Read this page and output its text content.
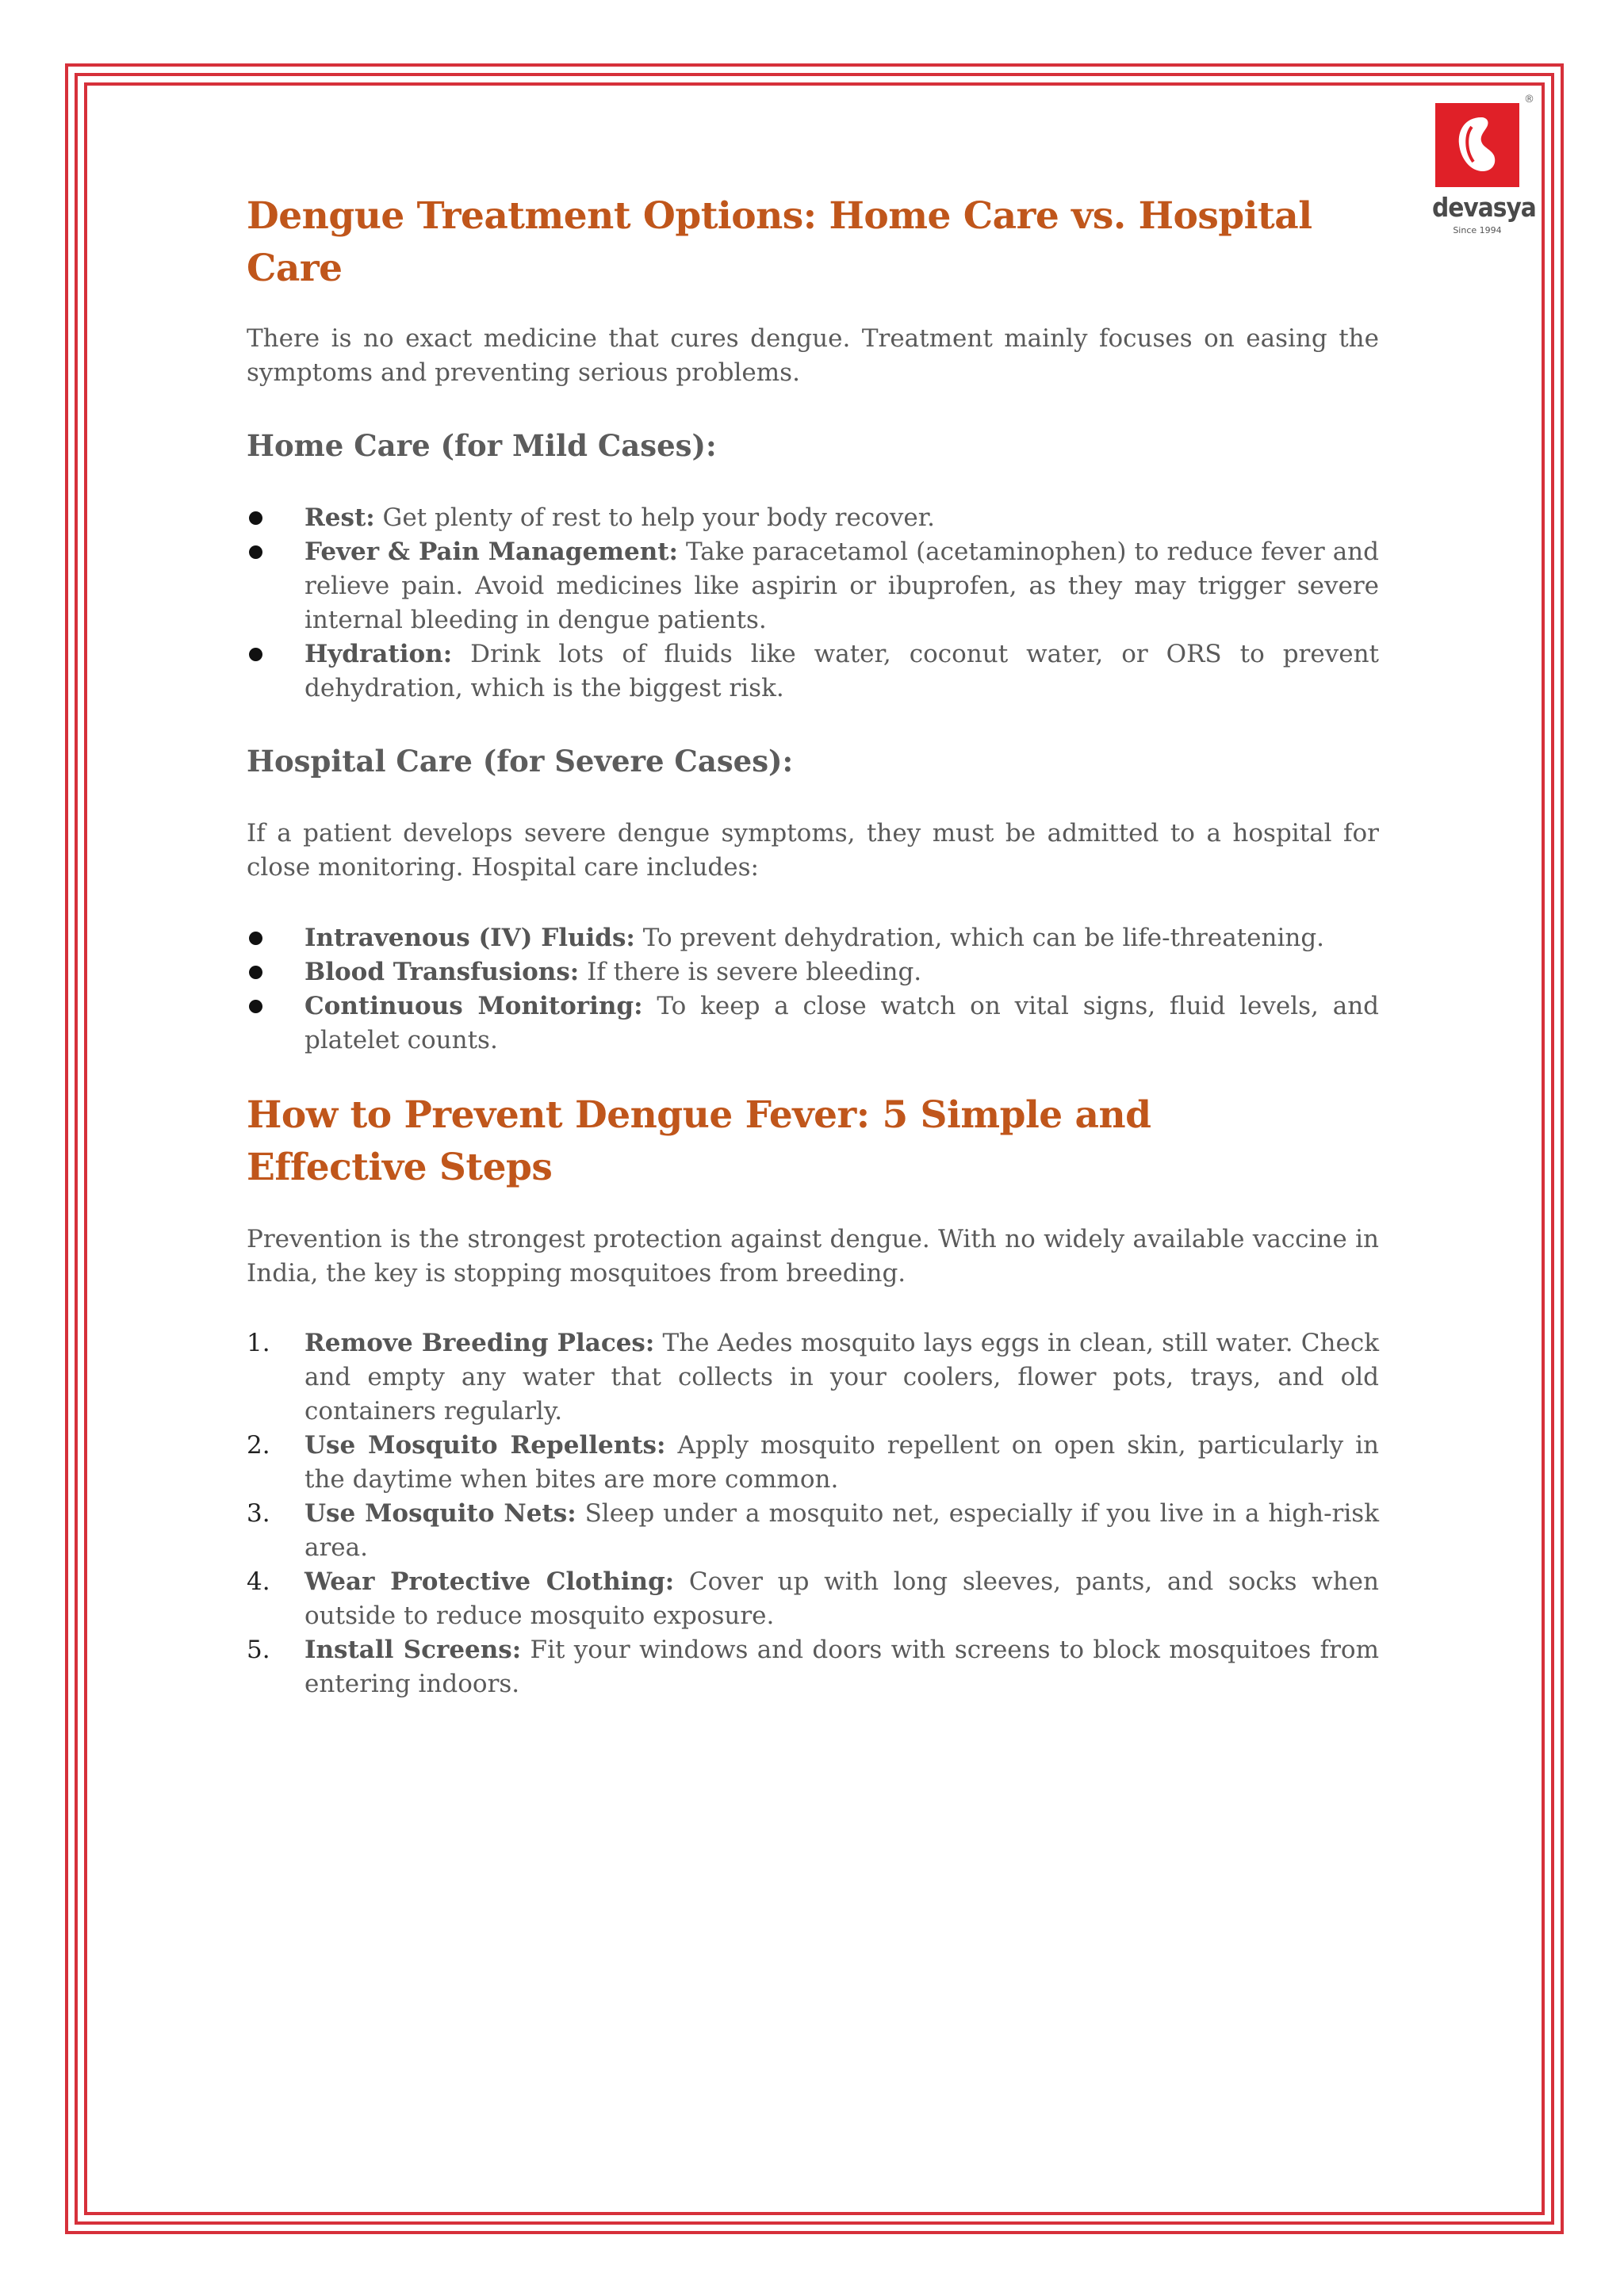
®
devasya
Since 1994
Dengue Treatment Options: Home Care vs. Hospital Care

There is no exact medicine that cures dengue. Treatment mainly focuses on easing the symptoms and preventing serious problems.

Home Care (for Mild Cases):
Rest: Get plenty of rest to help your body recover.
Fever & Pain Management: Take paracetamol (acetaminophen) to reduce fever and relieve pain. Avoid medicines like aspirin or ibuprofen, as they may trigger severe internal bleeding in dengue patients.
Hydration: Drink lots of fluids like water, coconut water, or ORS to prevent dehydration, which is the biggest risk.
Hospital Care (for Severe Cases):

If a patient develops severe dengue symptoms, they must be admitted to a hospital for close monitoring. Hospital care includes:

Intravenous (IV) Fluids: To prevent dehydration, which can be life-threatening.
Blood Transfusions: If there is severe bleeding.
Continuous Monitoring: To keep a close watch on vital signs, fluid levels, and platelet counts.
How to Prevent Dengue Fever: 5 Simple and Effective Steps

Prevention is the strongest protection against dengue. With no widely available vaccine in India, the key is stopping mosquitoes from breeding.

1. Remove Breeding Places: The Aedes mosquito lays eggs in clean, still water. Check and empty any water that collects in your coolers, flower pots, trays, and old containers regularly.
2. Use Mosquito Repellents: Apply mosquito repellent on open skin, particularly in the daytime when bites are more common.
3. Use Mosquito Nets: Sleep under a mosquito net, especially if you live in a high-risk area.
4. Wear Protective Clothing: Cover up with long sleeves, pants, and socks when outside to reduce mosquito exposure.
5. Install Screens: Fit your windows and doors with screens to block mosquitoes from entering indoors.
